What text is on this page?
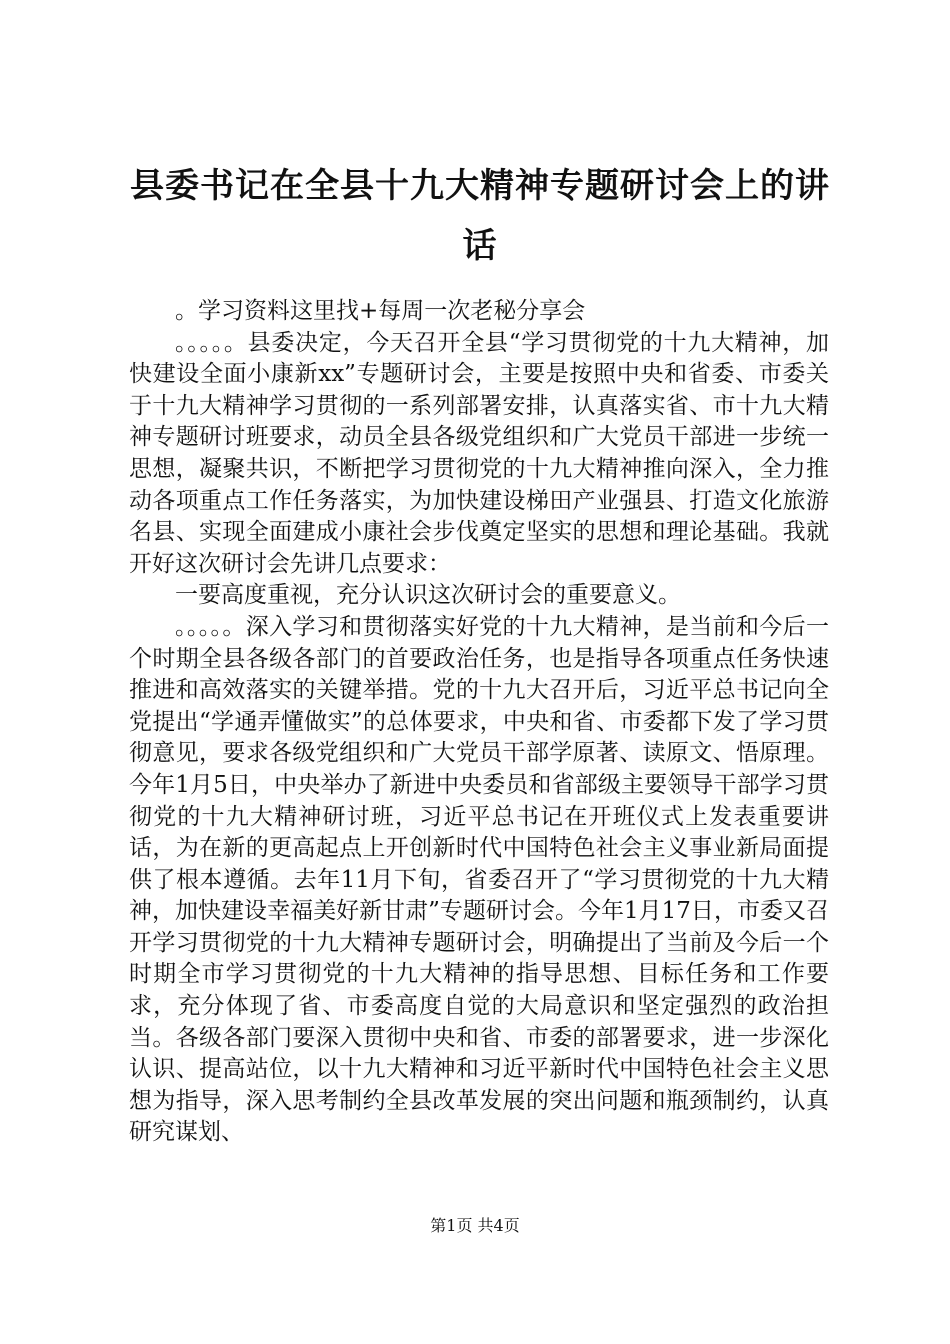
县委书记在全县十九大精神专题研讨会上的讲话

。学习资料这里找+每周一次老秘分享会

。。。。。县委决定，今天召开全县“学习贯彻党的十九大精神，加快建设全面小康新xx”专题研讨会，主要是按照中央和省委、市委关于十九大精神学习贯彻的一系列部署安排，认真落实省、市十九大精神专题研讨班要求，动员全县各级党组织和广大党员干部进一步统一思想，凝聚共识，不断把学习贯彻党的十九大精神推向深入，全力推动各项重点工作任务落实，为加快建设梯田产业强县、打造文化旅游名县、实现全面建成小康社会步伐奠定坚实的思想和理论基础。我就开好这次研讨会先讲几点要求：

一要高度重视，充分认识这次研讨会的重要意义。

。。。。。深入学习和贯彻落实好党的十九大精神，是当前和今后一个时期全县各级各部门的首要政治任务，也是指导各项重点任务快速推进和高效落实的关键举措。党的十九大召开后，习近平总书记向全党提出“学通弄懂做实”的总体要求，中央和省、市委都下发了学习贯彻意见，要求各级党组织和广大党员干部学原著、读原文、悟原理。今年1月5日，中央举办了新进中央委员和省部级主要领导干部学习贯彻党的十九大精神研讨班，习近平总书记在开班仪式上发表重要讲话，为在新的更高起点上开创新时代中国特色社会主义事业新局面提供了根本遵循。去年11月下旬，省委召开了“学习贯彻党的十九大精神，加快建设幸福美好新甘肃”专题研讨会。今年1月17日，市委又召开学习贯彻党的十九大精神专题研讨会，明确提出了当前及今后一个时期全市学习贯彻党的十九大精神的指导思想、目标任务和工作要求，充分体现了省、市委高度自觉的大局意识和坚定强烈的政治担当。各级各部门要深入贯彻中央和省、市委的部署要求，进一步深化认识、提高站位，以十九大精神和习近平新时代中国特色社会主义思想为指导，深入思考制约全县改革发展的突出问题和瓶颈制约，认真研究谋划、

第1页 共4页
